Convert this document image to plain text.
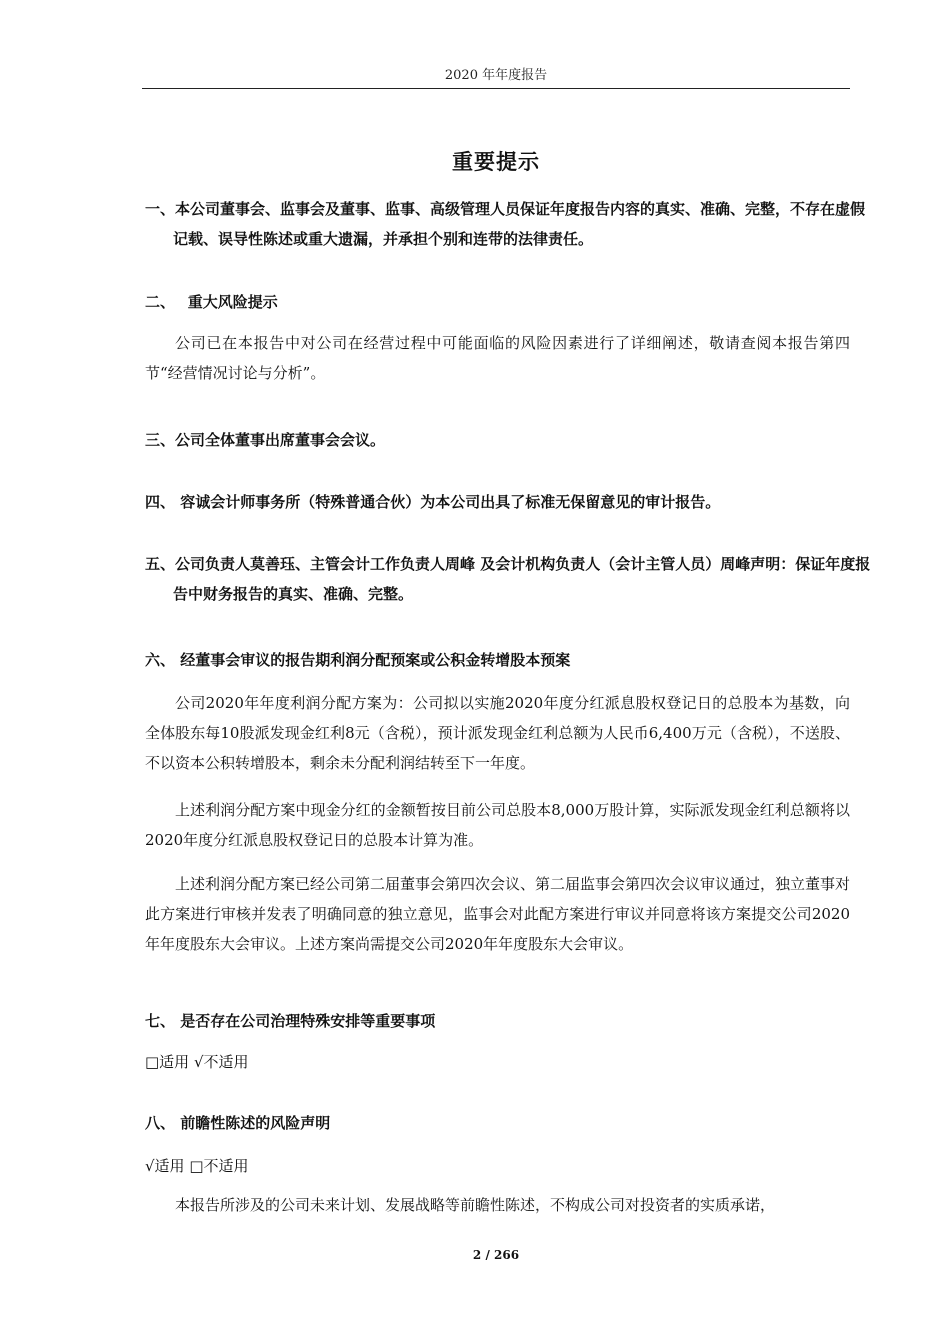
2020 年年度报告
重要提示
一、本公司董事会、监事会及董事、监事、高级管理人员保证年度报告内容的真实、准确、完整，不存在虚假记载、误导性陈述或重大遗漏，并承担个别和连带的法律责任。
二、　 重大风险提示
公司已在本报告中对公司在经营过程中可能面临的风险因素进行了详细阐述，敬请查阅本报告第四节“经营情况讨论与分析”。
三、公司全体董事出席董事会会议。
四、 容诚会计师事务所（特殊普通合伙）为本公司出具了标准无保留意见的审计报告。
五、公司负责人莫善珏、主管会计工作负责人周峰 及会计机构负责人（会计主管人员）周峰声明：保证年度报告中财务报告的真实、准确、完整。
六、 经董事会审议的报告期利润分配预案或公积金转增股本预案
公司2020年年度利润分配方案为：公司拟以实施2020年度分红派息股权登记日的总股本为基数，向全体股东每10股派发现金红利8元（含税），预计派发现金红利总额为人民币6,400万元（含税），不送股、不以资本公积转增股本，剩余未分配利润结转至下一年度。
上述利润分配方案中现金分红的金额暂按目前公司总股本8,000万股计算，实际派发现金红利总额将以2020年度分红派息股权登记日的总股本计算为准。
上述利润分配方案已经公司第二届董事会第四次会议、第二届监事会第四次会议审议通过，独立董事对此方案进行审核并发表了明确同意的独立意见，监事会对此配方案进行审议并同意将该方案提交公司2020年年度股东大会审议。上述方案尚需提交公司2020年年度股东大会审议。
七、 是否存在公司治理特殊安排等重要事项
□适用 √不适用
八、 前瞻性陈述的风险声明
√适用 □不适用
本报告所涉及的公司未来计划、发展战略等前瞻性陈述，不构成公司对投资者的实质承诺，
2 / 266
